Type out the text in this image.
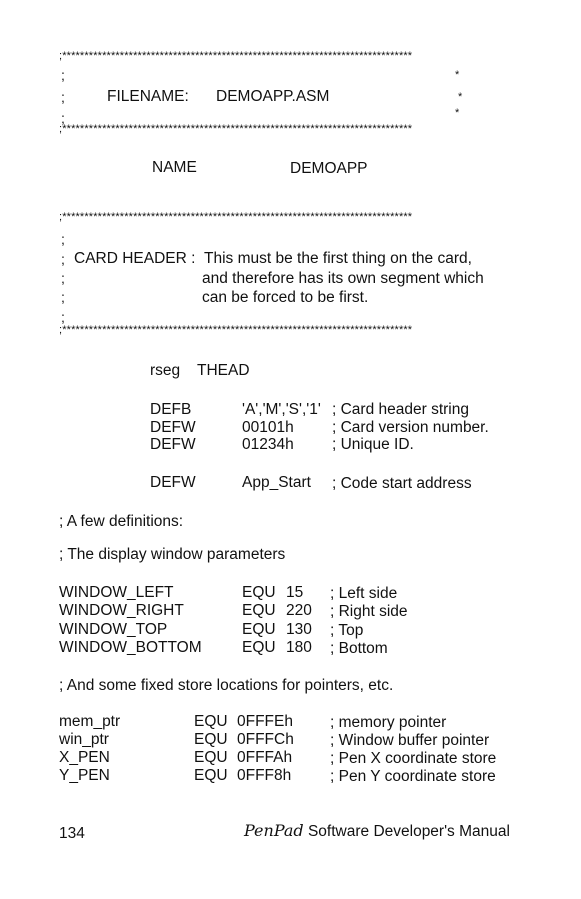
;*******************************************************************************
;	*
;	FILENAME: DEMOAPP.ASM	*
*
;
;*******************************************************************************
NAME	DEMOAPP
;*******************************************************************************
;
; CARD HEADER : This must be the first thing on the card,
;	and therefore has its own segment which
;	can be forced to be first.
;
;*******************************************************************************
rseg THEAD
DEFB	'A','M','S','1' ; Card header string
DEFW	00101h ; Card version number.
DEFW	01234h ; Unique ID.
DEFW	App_Start ; Code start address
; A few definitions:
; The display window parameters
WINDOW_LEFT	EQU 15 ; Left side
WINDOW_RIGHT	EQU 220 ; Right side
WINDOW_TOP	EQU 130 ; Top
WINDOW_BOTTOM	EQU 180 ; Bottom
; And some fixed store locations for pointers, etc.
mem_ptr	EQU 0FFFEh ; memory pointer
win_ptr	EQU 0FFFCh ; Window buffer pointer
X_PEN	EQU 0FFFAh ; Pen X coordinate store
Y_PEN	EQU 0FFF8h ; Pen Y coordinate store
134	PenPad Software Developer's Manual
